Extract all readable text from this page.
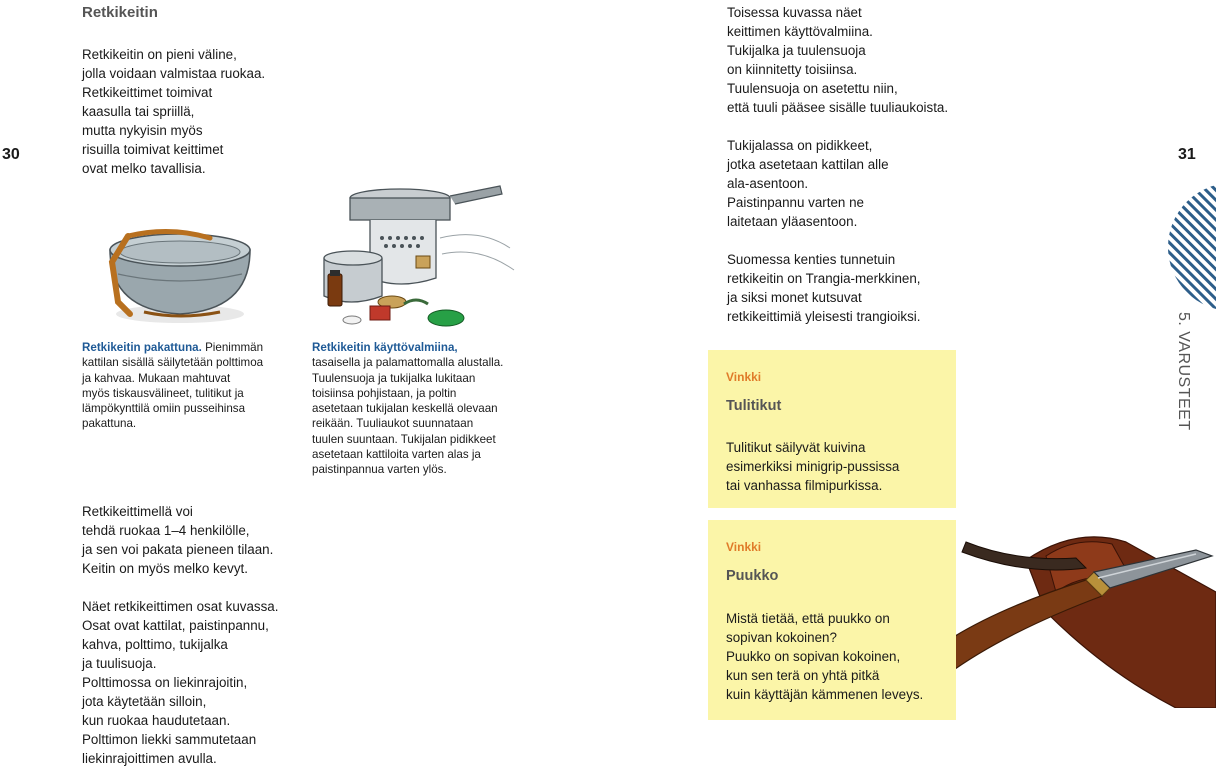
30
Retkikeitin
Retkikeitin on pieni väline,
jolla voidaan valmistaa ruokaa.
Retkikeittimet toimivat
kaasulla tai spriillä,
mutta nykyisin myös
risuilla toimivat keittimet
ovat melko tavallisia.
Retkikeitin pakattuna. Pienimmän
kattilan sisällä säilytetään polttimoa
ja kahvaa. Mukaan mahtuvat
myös tiskausvälineet, tulitikut ja
lämpökynttilä omiin pusseihinsa
pakattuna.
Retkikeitin käyttövalmiina,
tasaisella ja palamattomalla alustalla.
Tuulensuoja ja tukijalka lukitaan
toisiinsa pohjistaan, ja poltin
asetetaan tukijalan keskellä olevaan
reikään. Tuuliaukot suunnataan
tuulen suuntaan. Tukijalan pidikkeet
asetetaan kattiloita varten alas ja
paistinpannua varten ylös.
Retkikeittimellä voi
tehdä ruokaa 1–4 henkilölle,
ja sen voi pakata pieneen tilaan.
Keitin on myös melko kevyt.
Näet retkikeittimen osat kuvassa.
Osat ovat kattilat, paistinpannu,
kahva, polttimo, tukijalka
ja tuulisuoja.
Polttimossa on liekinrajoitin,
jota käytetään silloin,
kun ruokaa haudutetaan.
Polttimon liekki sammutetaan
liekinrajoittimen avulla.
Toisessa kuvassa näet
keittimen käyttövalmiina.
Tukijalka ja tuulensuoja
on kiinnitetty toisiinsa.
Tuulensuoja on asetettu niin,
että tuuli pääsee sisälle tuuliaukoista.
Tukijalassa on pidikkeet,
jotka asetetaan kattilan alle
ala-asentoon.
Paistinpannu varten ne
laitetaan yläasentoon.
Suomessa kenties tunnetuin
retkikeitin on Trangia-merkkinen,
ja siksi monet kutsuvat
retkikeittimiä yleisesti trangioiksi.
31
5. VARUSTEET
Vinkki
Tulitikut
Tulitikut säilyvät kuivina
esimerkiksi minigrip-pussissa
tai vanhassa filmipurkissa.
Vinkki
Puukko
Mistä tietää, että puukko on
sopivan kokoinen?
Puukko on sopivan kokoinen,
kun sen terä on yhtä pitkä
kuin käyttäjän kämmenen leveys.
